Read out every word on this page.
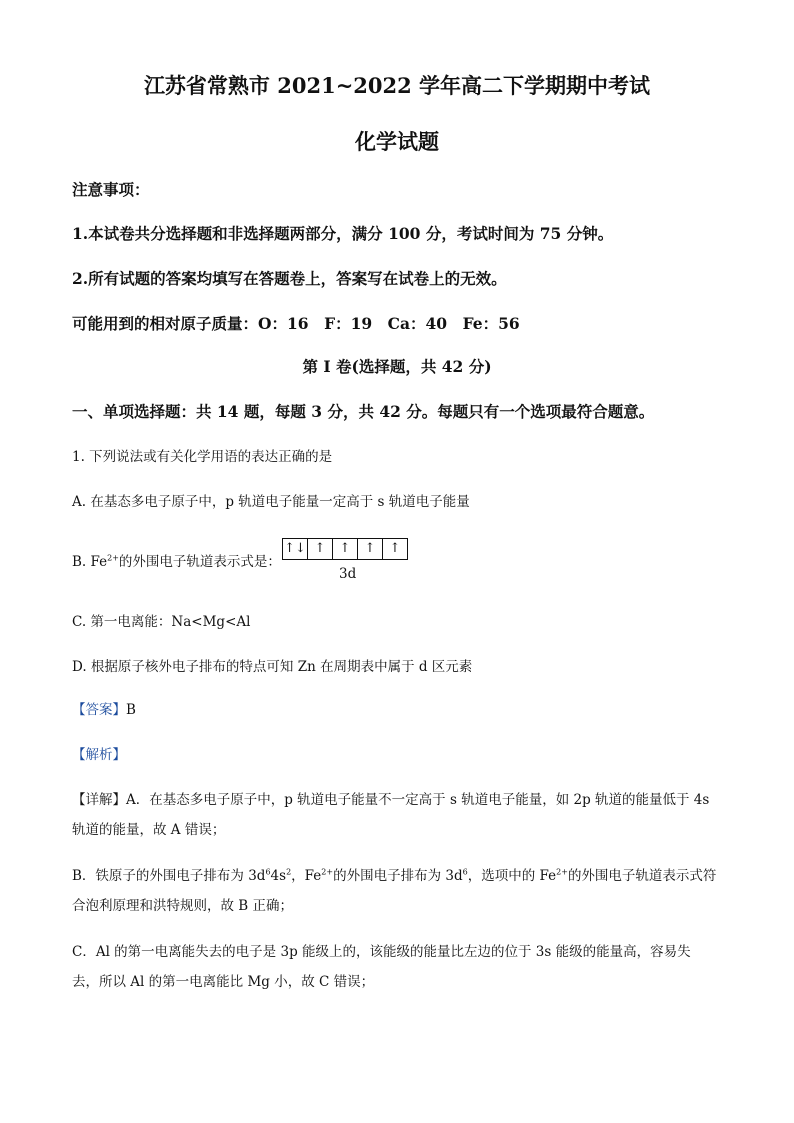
江苏省常熟市 2021~2022 学年高二下学期期中考试
化学试题
注意事项：
1.本试卷共分选择题和非选择题两部分，满分 100 分，考试时间为 75 分钟。
2.所有试题的答案均填写在答题卷上，答案写在试卷上的无效。
可能用到的相对原子质量：O：16　F：19　Ca：40　Fe：56
第 I 卷(选择题，共 42 分)
一、单项选择题：共 14 题，每题 3 分，共 42 分。每题只有一个选项最符合题意。
1. 下列说法或有关化学用语的表达正确的是
A. 在基态多电子原子中，p 轨道电子能量一定高于 s 轨道电子能量
B. $Fe^{2+}$的外围电子轨道表示式是：
↑↓ ↑	↑	↑	↑
3d
C. 第一电离能：Na<Mg<Al
D. 根据原子核外电子排布的特点可知 Zn 在周期表中属于 d 区元素
【答案】B
【解析】
【详解】A．在基态多电子原子中，p 轨道电子能量不一定高于 s 轨道电子能量，如 2p 轨道的能量低于 4s
轨道的能量，故 A 错误；
B．铁原子的外围电子排布为 $3d^64s^2$，$Fe^{2+}$的外围电子排布为 $3d^6$，选项中的 $Fe^{2+}$的外围电子轨道表示式符
合泡利原理和洪特规则，故 B 正确；
C．Al 的第一电离能失去的电子是 3p 能级上的，该能级的能量比左边的位于 3s 能级的能量高，容易失
去，所以 Al 的第一电离能比 Mg 小，故 C 错误；
